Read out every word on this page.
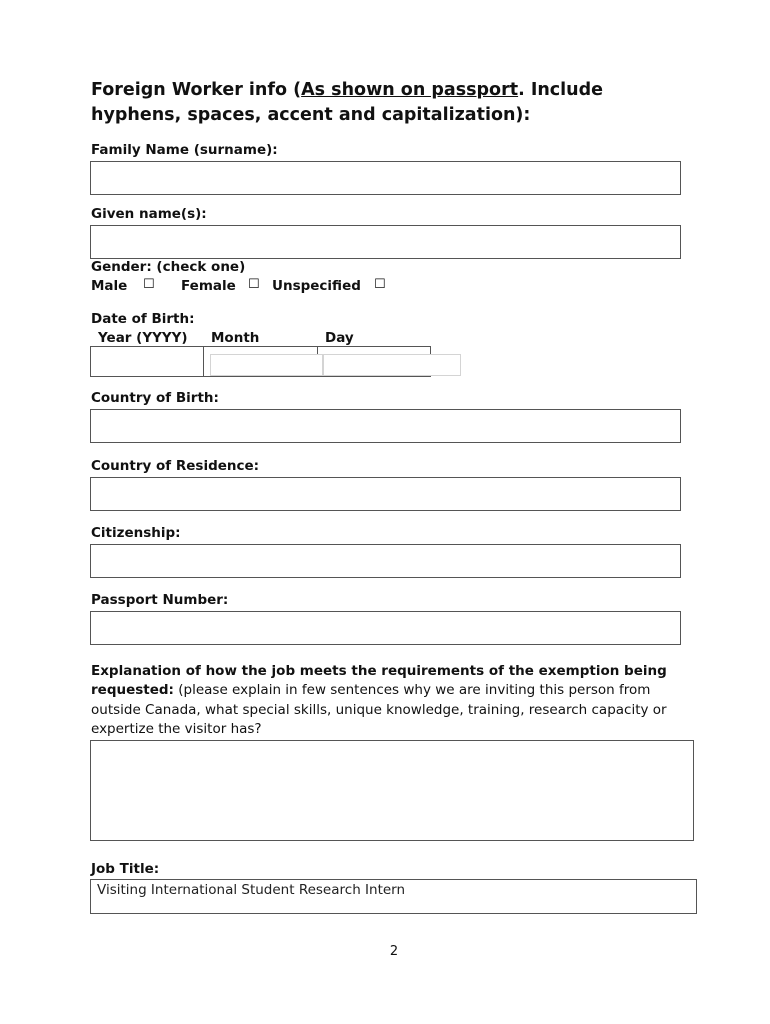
Foreign Worker info (As shown on passport. Include hyphens, spaces, accent and capitalization):
Family Name (surname):
Given name(s):
Gender: (check one)
Male ☐ Female ☐ Unspecified ☐
Date of Birth:
Year (YYYY) Month	Day
Country of Birth:
Country of Residence:
Citizenship:
Passport Number:
Explanation of how the job meets the requirements of the exemption being requested: (please explain in few sentences why we are inviting this person from outside Canada, what special skills, unique knowledge, training, research capacity or expertize the visitor has?
Job Title:
Visiting International Student Research Intern
2
